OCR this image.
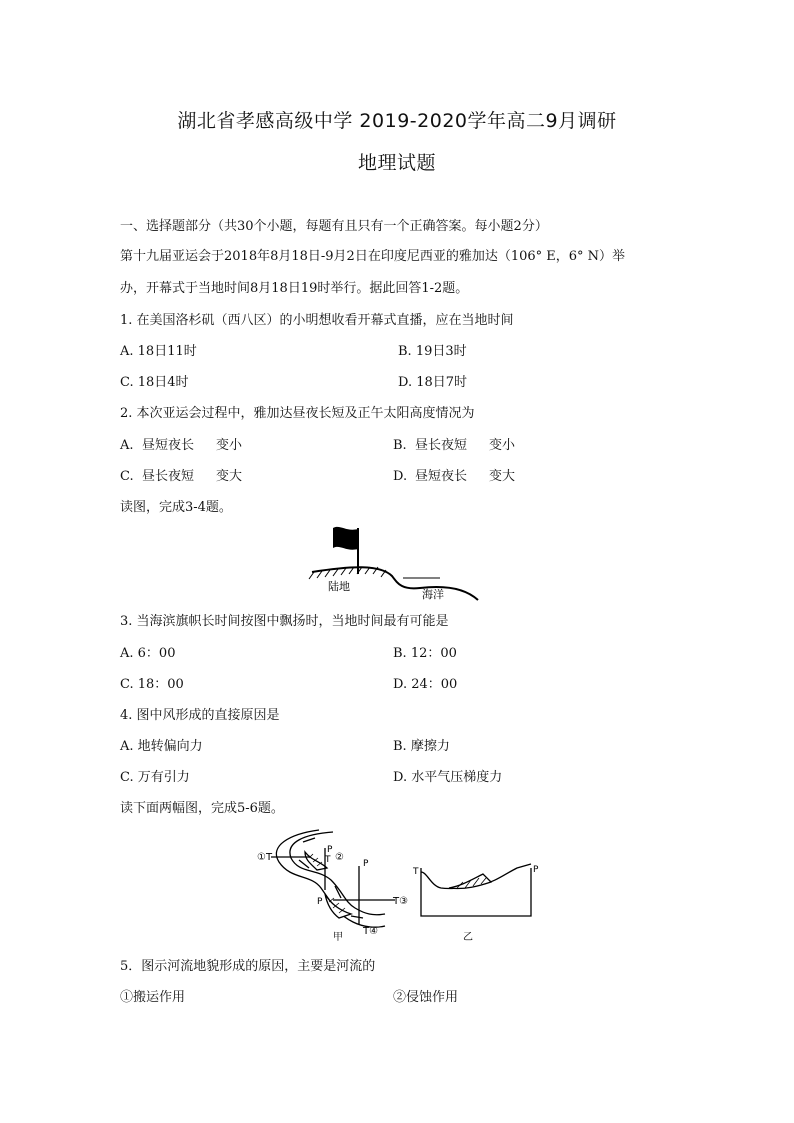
湖北省孝感高级中学 2019-2020学年高二9月调研
地理试题
一、选择题部分（共30个小题，每题有且只有一个正确答案。每小题2分）
第十九届亚运会于2018年8月18日-9月2日在印度尼西亚的雅加达（106° E，6° N）举
办，开幕式于当地时间8月18日19时举行。据此回答1-2题。
1. 在美国洛杉矶（西八区）的小明想收看开幕式直播，应在当地时间
A. 18日11时	B. 19日3时
C. 18日4时	D. 18日7时
2. 本次亚运会过程中，雅加达昼夜长短及正午太阳高度情况为
A. 昼短夜长 变小	B. 昼长夜短 变小
C. 昼长夜短 变大	D. 昼短夜长 变大
读图，完成3-4题。
陆地
海洋
3. 当海滨旗帜长时间按图中飘扬时，当地时间最有可能是
A. 6：00	B. 12：00
C. 18：00	D. 24：00
4. 图中风形成的直接原因是
A. 地转偏向力	B. 摩擦力
C. 万有引力	D. 水平气压梯度力
读下面两幅图，完成5-6题。
①T
P
T ②
P
P	T③
T④
甲
T	P
乙
5．图示河流地貌形成的原因，主要是河流的
①搬运作用	②侵蚀作用
